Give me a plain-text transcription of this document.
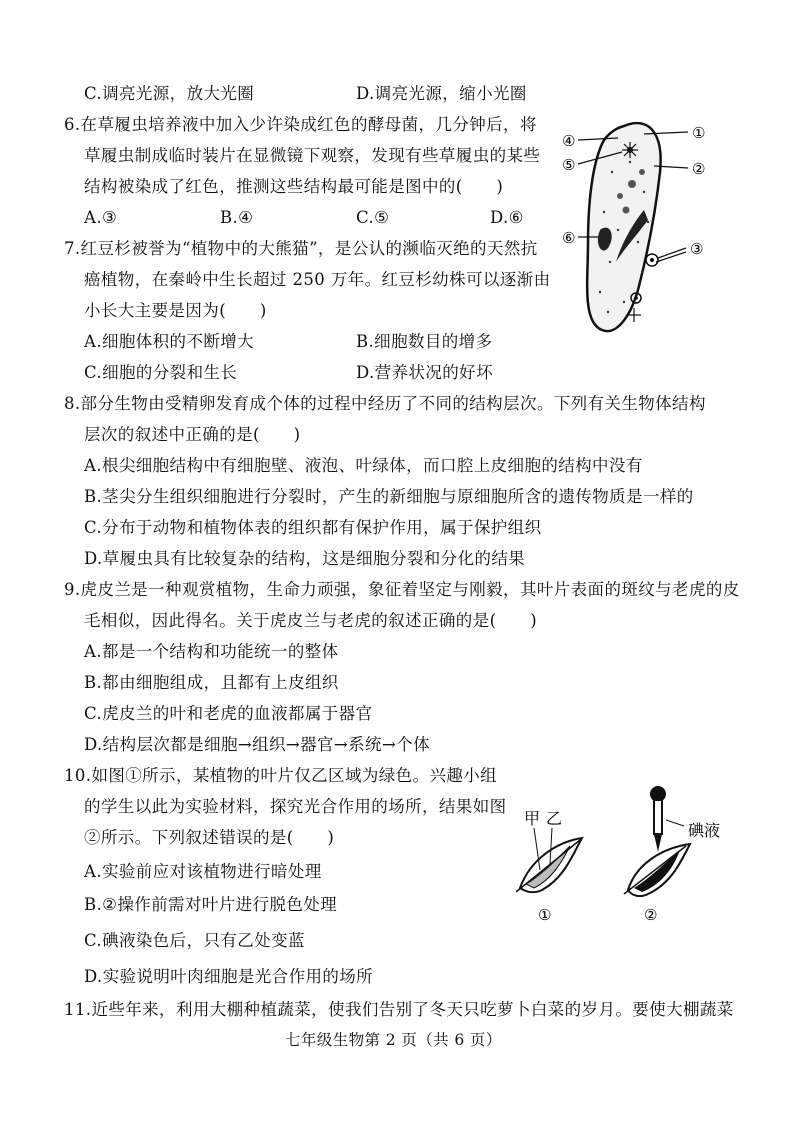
C.调亮光源，放大光圈	D.调亮光源，缩小光圈
6.在草履虫培养液中加入少许染成红色的酵母菌，几分钟后，将
草履虫制成临时装片在显微镜下观察，发现有些草履虫的某些
结构被染成了红色，推测这些结构最可能是图中的(　　)
A.③	B.④	C.⑤	D.⑥
④
⑤
①
②
⑥
③
7.红豆杉被誉为“植物中的大熊猫”，是公认的濒临灭绝的天然抗
癌植物，在秦岭中生长超过 250 万年。红豆杉幼株可以逐渐由
小长大主要是因为(　　)
A.细胞体积的不断增大	B.细胞数目的增多
C.细胞的分裂和生长	D.营养状况的好坏
8.部分生物由受精卵发育成个体的过程中经历了不同的结构层次。下列有关生物体结构
层次的叙述中正确的是(　　)
A.根尖细胞结构中有细胞壁、液泡、叶绿体，而口腔上皮细胞的结构中没有
B.茎尖分生组织细胞进行分裂时，产生的新细胞与原细胞所含的遗传物质是一样的
C.分布于动物和植物体表的组织都有保护作用，属于保护组织
D.草履虫具有比较复杂的结构，这是细胞分裂和分化的结果
9.虎皮兰是一种观赏植物，生命力顽强，象征着坚定与刚毅，其叶片表面的斑纹与老虎的皮
毛相似，因此得名。关于虎皮兰与老虎的叙述正确的是(　　)
A.都是一个结构和功能统一的整体
B.都由细胞组成，且都有上皮组织
C.虎皮兰的叶和老虎的血液都属于器官
D.结构层次都是细胞→组织→器官→系统→个体
10.如图①所示，某植物的叶片仅乙区域为绿色。兴趣小组
的学生以此为实验材料，探究光合作用的场所，结果如图
②所示。下列叙述错误的是(　　)
A.实验前应对该植物进行暗处理
B.②操作前需对叶片进行脱色处理
C.碘液染色后，只有乙处变蓝
D.实验说明叶肉细胞是光合作用的场所
甲 乙
①
碘液
②
11.近些年来，利用大棚种植蔬菜，使我们告别了冬天只吃萝卜白菜的岁月。要使大棚蔬菜
七年级生物第 2 页（共 6 页）
